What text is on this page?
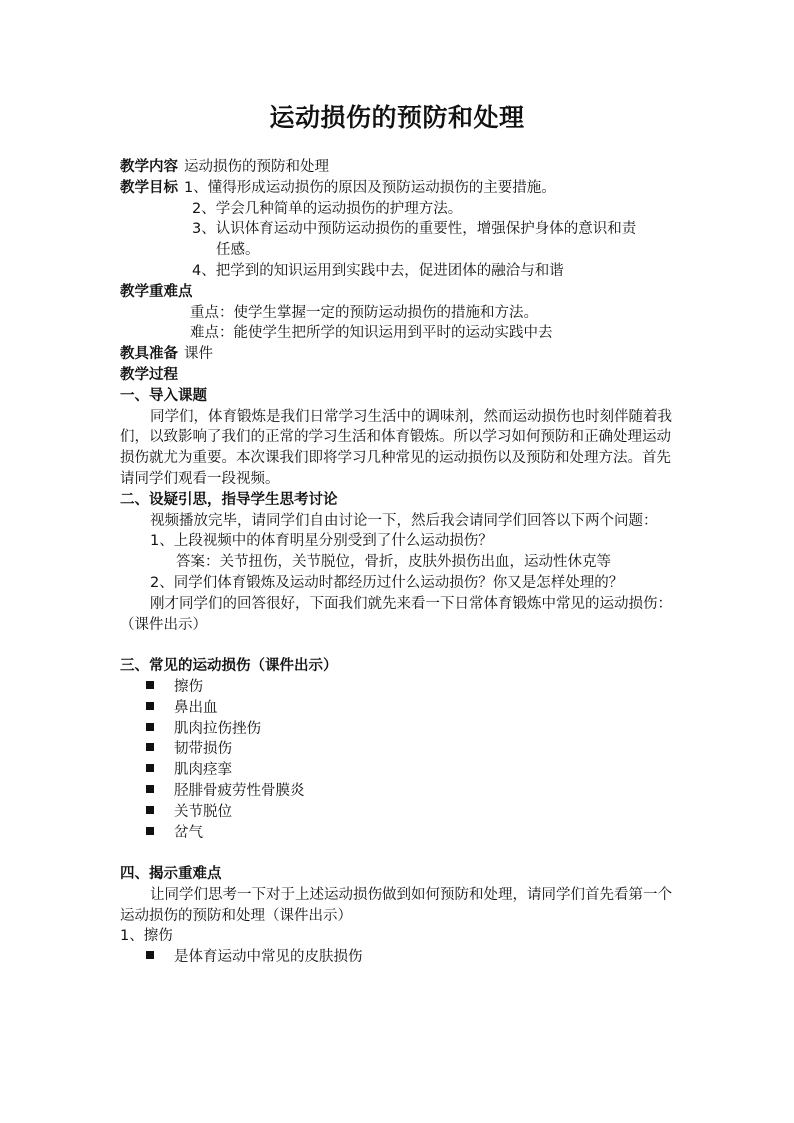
运动损伤的预防和处理
教学内容 运动损伤的预防和处理
教学目标 1、懂得形成运动损伤的原因及预防运动损伤的主要措施。
2、学会几种简单的运动损伤的护理方法。
3、认识体育运动中预防运动损伤的重要性，增强保护身体的意识和责
任感。
4、把学到的知识运用到实践中去，促进团体的融洽与和谐
教学重难点
重点：使学生掌握一定的预防运动损伤的措施和方法。
难点：能使学生把所学的知识运用到平时的运动实践中去
教具准备 课件
教学过程
一、导入课题
同学们，体育锻炼是我们日常学习生活中的调味剂，然而运动损伤也时刻伴随着我们，以致影响了我们的正常的学习生活和体育锻炼。所以学习如何预防和正确处理运动损伤就尤为重要。本次课我们即将学习几种常见的运动损伤以及预防和处理方法。首先请同学们观看一段视频。
二、设疑引思，指导学生思考讨论
视频播放完毕，请同学们自由讨论一下，然后我会请同学们回答以下两个问题：
1、上段视频中的体育明星分别受到了什么运动损伤？
答案：关节扭伤，关节脱位，骨折，皮肤外损伤出血，运动性休克等
2、同学们体育锻炼及运动时都经历过什么运动损伤？你又是怎样处理的？
刚才同学们的回答很好，下面我们就先来看一下日常体育锻炼中常见的运动损伤：（课件出示）
三、常见的运动损伤（课件出示）
擦伤
鼻出血
肌肉拉伤挫伤
韧带损伤
肌肉痉挛
胫腓骨疲劳性骨膜炎
关节脱位
岔气
四、揭示重难点
让同学们思考一下对于上述运动损伤做到如何预防和处理，请同学们首先看第一个
运动损伤的预防和处理（课件出示）
1、擦伤
是体育运动中常见的皮肤损伤
